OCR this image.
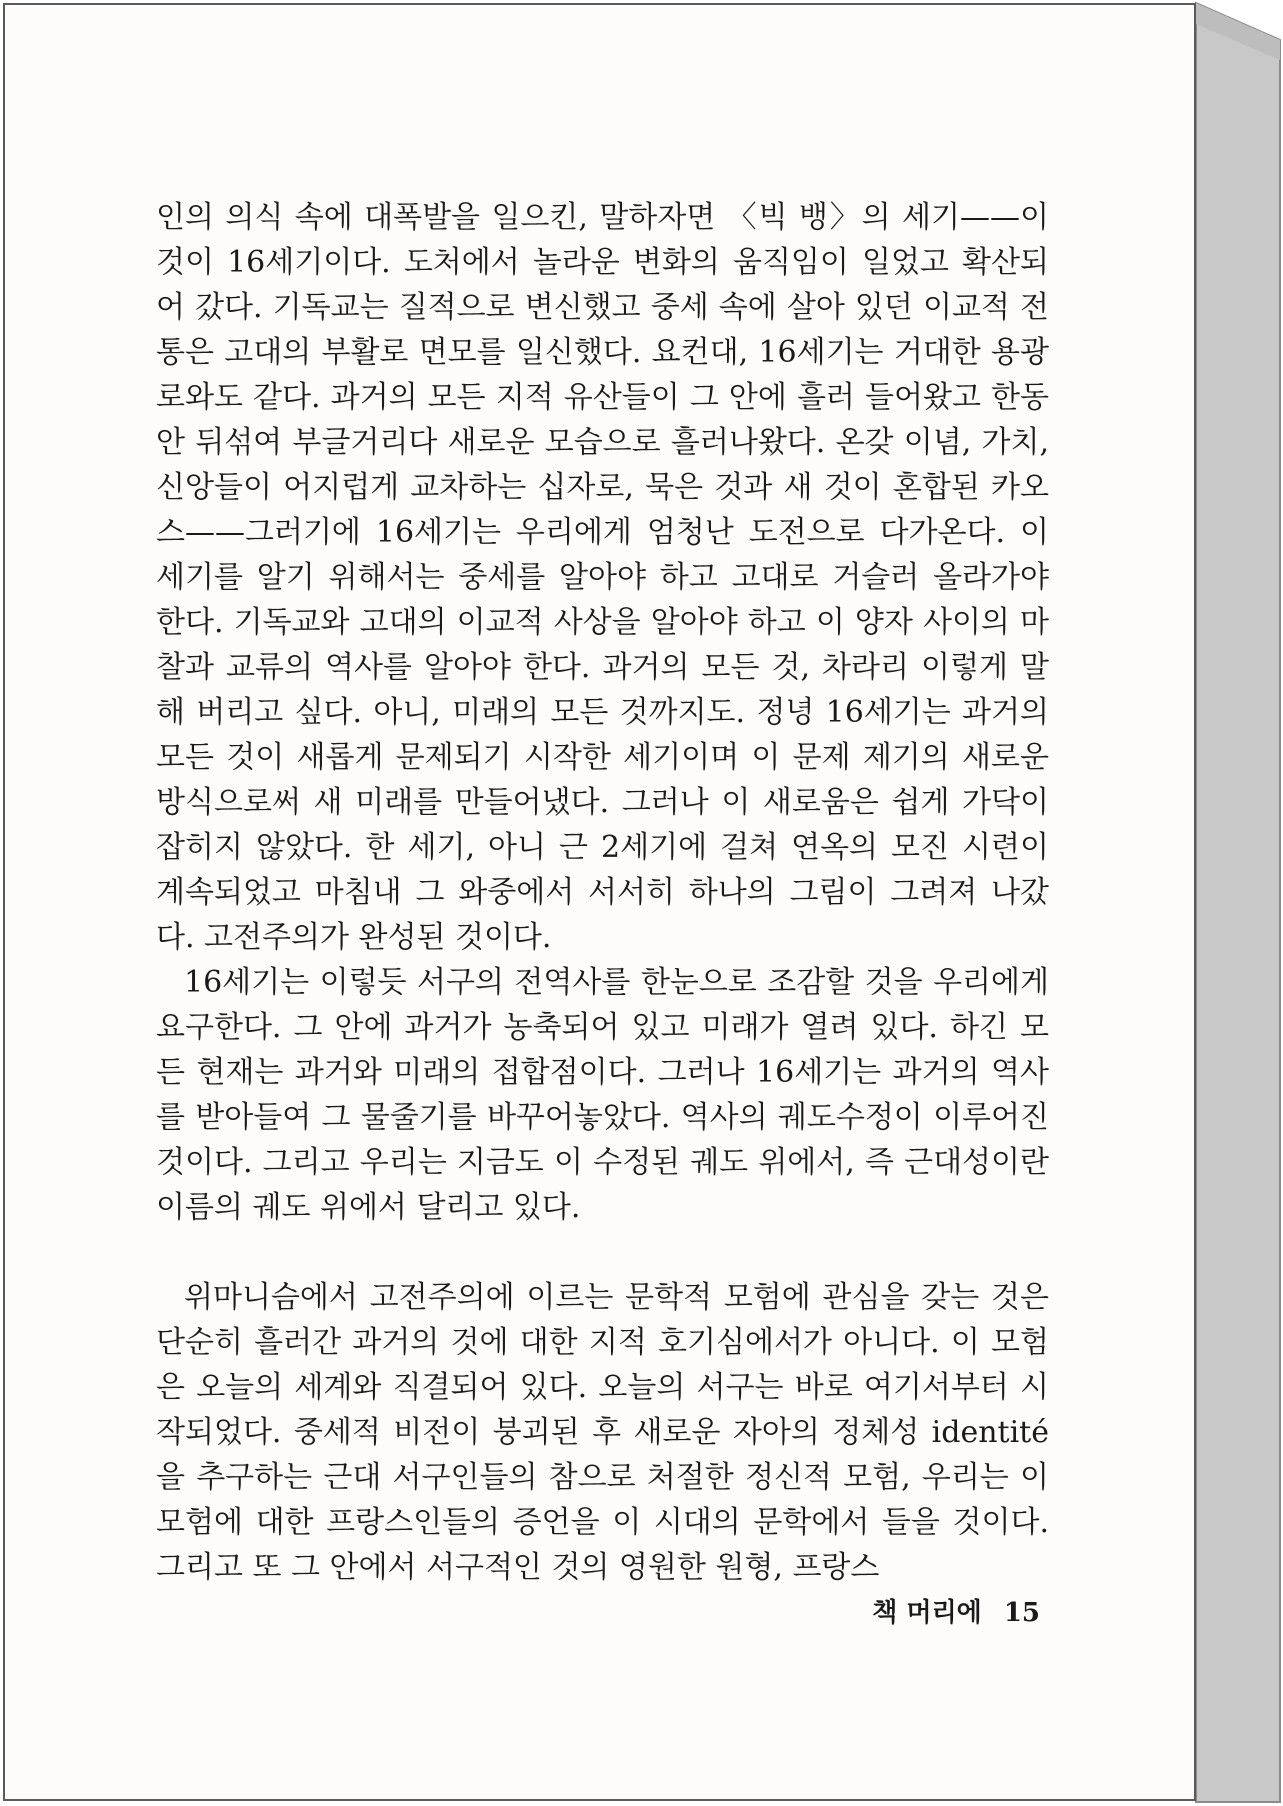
인의 의식 속에 대폭발을 일으킨, 말하자면 〈빅 뱅〉의 세기——이것이 16세기이다. 도처에서 놀라운 변화의 움직임이 일었고 확산되어 갔다. 기독교는 질적으로 변신했고 중세 속에 살아 있던 이교적 전통은 고대의 부활로 면모를 일신했다. 요컨대, 16세기는 거대한 용광로와도 같다. 과거의 모든 지적 유산들이 그 안에 흘러 들어왔고 한동안 뒤섞여 부글거리다 새로운 모습으로 흘러나왔다. 온갖 이념, 가치, 신앙들이 어지럽게 교차하는 십자로, 묵은 것과 새 것이 혼합된 카오스——그러기에 16세기는 우리에게 엄청난 도전으로 다가온다. 이 세기를 알기 위해서는 중세를 알아야 하고 고대로 거슬러 올라가야 한다. 기독교와 고대의 이교적 사상을 알아야 하고 이 양자 사이의 마찰과 교류의 역사를 알아야 한다. 과거의 모든 것, 차라리 이렇게 말해 버리고 싶다. 아니, 미래의 모든 것까지도. 정녕 16세기는 과거의 모든 것이 새롭게 문제되기 시작한 세기이며 이 문제 제기의 새로운 방식으로써 새 미래를 만들어냈다. 그러나 이 새로움은 쉽게 가닥이 잡히지 않았다. 한 세기, 아니 근 2세기에 걸쳐 연옥의 모진 시련이 계속되었고 마침내 그 와중에서 서서히 하나의 그림이 그려져 나갔다. 고전주의가 완성된 것이다.

16세기는 이렇듯 서구의 전역사를 한눈으로 조감할 것을 우리에게 요구한다. 그 안에 과거가 농축되어 있고 미래가 열려 있다. 하긴 모든 현재는 과거와 미래의 접합점이다. 그러나 16세기는 과거의 역사를 받아들여 그 물줄기를 바꾸어놓았다. 역사의 궤도수정이 이루어진 것이다. 그리고 우리는 지금도 이 수정된 궤도 위에서, 즉 근대성이란 이름의 궤도 위에서 달리고 있다.

위마니슴에서 고전주의에 이르는 문학적 모험에 관심을 갖는 것은 단순히 흘러간 과거의 것에 대한 지적 호기심에서가 아니다. 이 모험은 오늘의 세계와 직결되어 있다. 오늘의 서구는 바로 여기서부터 시작되었다. 중세적 비전이 붕괴된 후 새로운 자아의 정체성 identité을 추구하는 근대 서구인들의 참으로 처절한 정신적 모험, 우리는 이 모험에 대한 프랑스인들의 증언을 이 시대의 문학에서 들을 것이다. 그리고 또 그 안에서 서구적인 것의 영원한 원형, 프랑스

책 머리에 15
